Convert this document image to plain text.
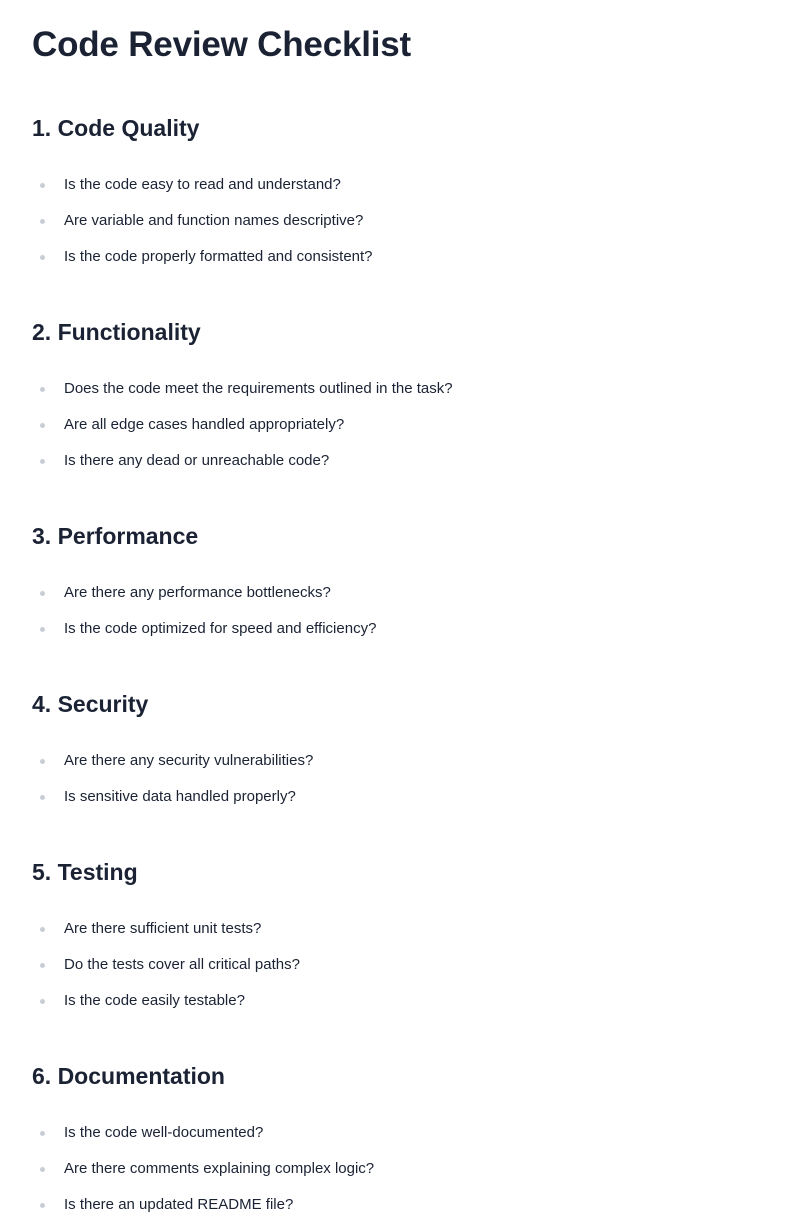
Code Review Checklist
1. Code Quality
Is the code easy to read and understand?
Are variable and function names descriptive?
Is the code properly formatted and consistent?
2. Functionality
Does the code meet the requirements outlined in the task?
Are all edge cases handled appropriately?
Is there any dead or unreachable code?
3. Performance
Are there any performance bottlenecks?
Is the code optimized for speed and efficiency?
4. Security
Are there any security vulnerabilities?
Is sensitive data handled properly?
5. Testing
Are there sufficient unit tests?
Do the tests cover all critical paths?
Is the code easily testable?
6. Documentation
Is the code well-documented?
Are there comments explaining complex logic?
Is there an updated README file?
